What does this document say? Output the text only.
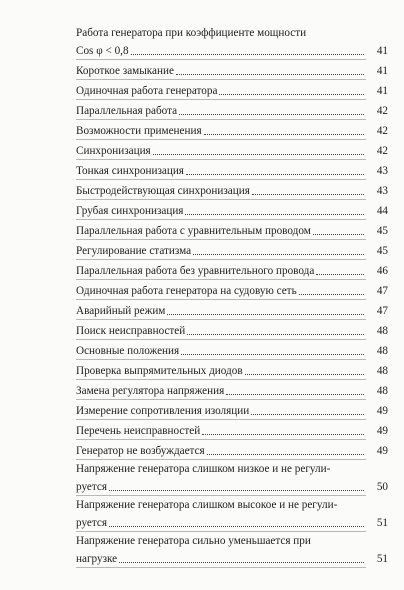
Работа генератора при коэффициенте мощности
Cos φ < 0,8	41
Короткое замыкание	41
Одиночная работа генератора	41
Параллельная работа	42
Возможности применения	42
Синхронизация	42
Тонкая синхронизация	43
Быстродействующая синхронизация	43
Грубая синхронизация	44
Параллельная работа с уравнительным проводом	45
Регулирование статизма	45
Параллельная работа без уравнительного провода	46
Одиночная работа генератора на судовую сеть	47
Аварийный режим	47
Поиск неисправностей	48
Основные положения	48
Проверка выпрямительных диодов	48
Замена регулятора напряжения	48
Измерение сопротивления изоляции	49
Перечень неисправностей	49
Генератор не возбуждается	49
Напряжение генератора слишком низкое и не регули-
руется	50
Напряжение генератора слишком высокое и не регули-
руется	51
Напряжение генератора сильно уменьшается при
нагрузке	51
